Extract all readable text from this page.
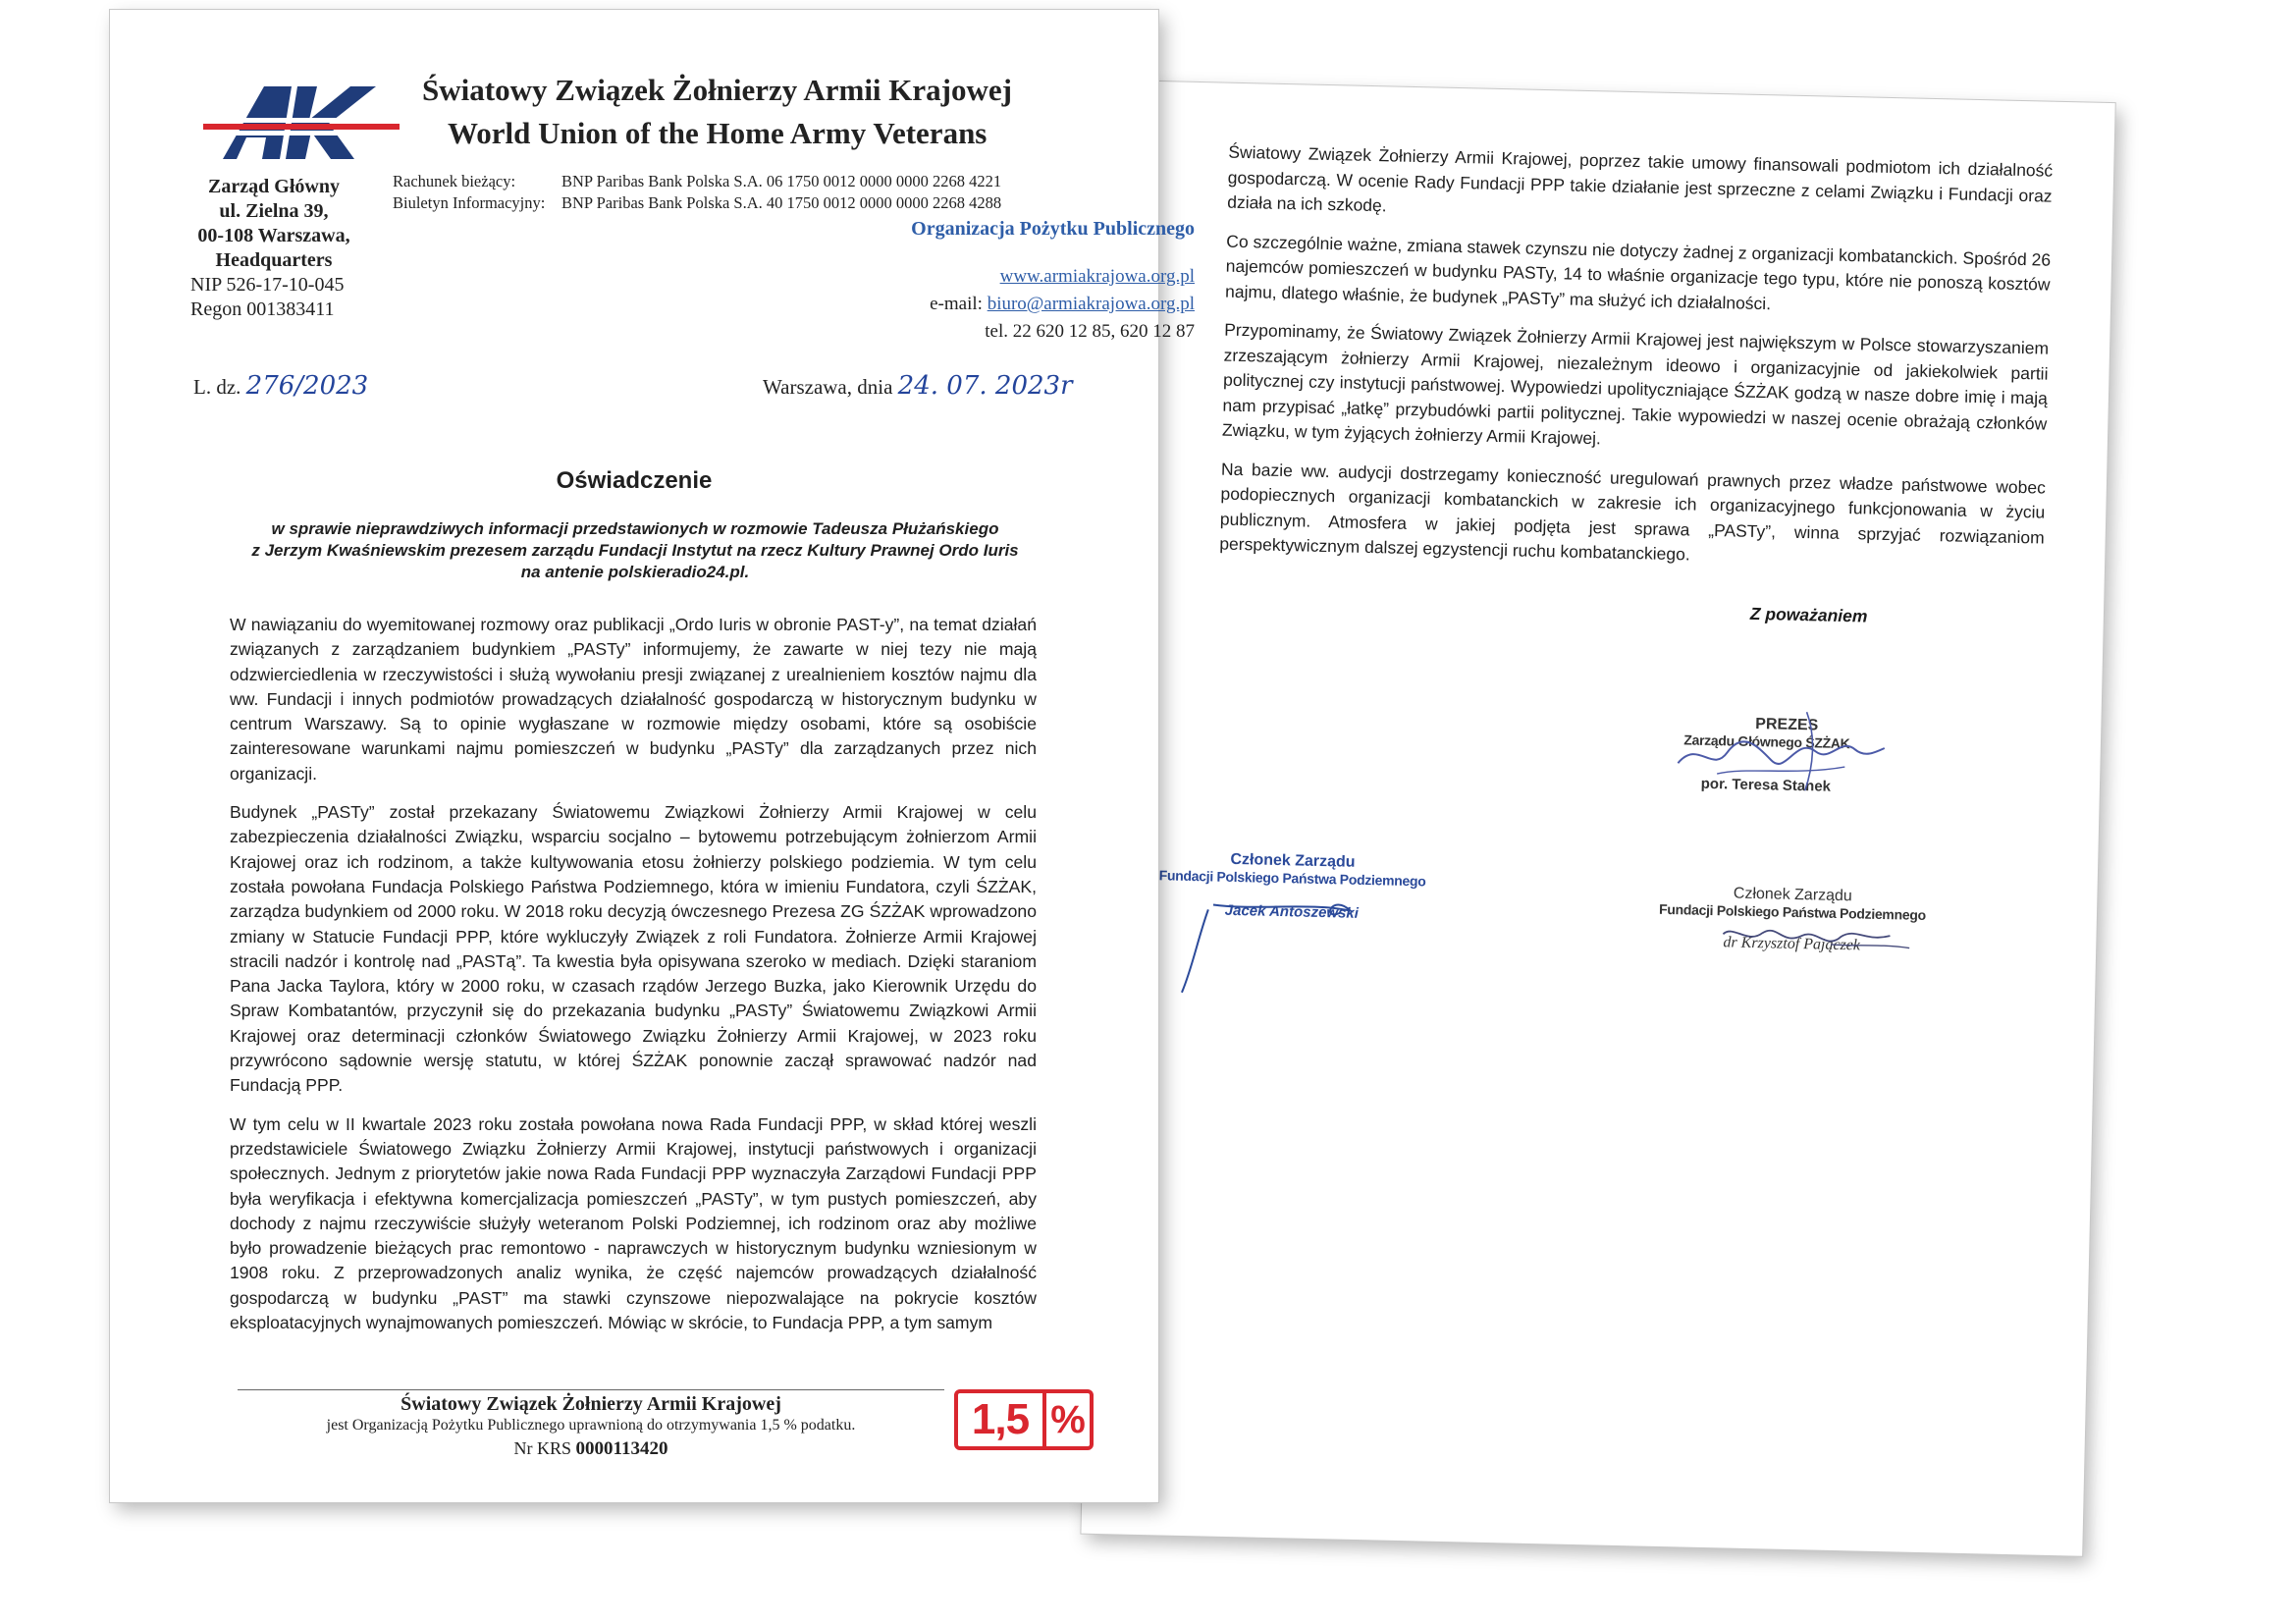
Światowy Związek Żołnierzy Armii Krajowej, poprzez takie umowy finansowali podmiotom ich działalność gospodarczą. W ocenie Rady Fundacji PPP takie działanie jest sprzeczne z celami Związku i Fundacji oraz działa na ich szkodę.

Co szczególnie ważne, zmiana stawek czynszu nie dotyczy żadnej z organizacji kombatanckich. Spośród 26 najemców pomieszczeń w budynku PASTy, 14 to właśnie organizacje tego typu, które nie ponoszą kosztów najmu, dlatego właśnie, że budynek „PASTy” ma służyć ich działalności.

Przypominamy, że Światowy Związek Żołnierzy Armii Krajowej jest największym w Polsce stowarzyszaniem zrzeszającym żołnierzy Armii Krajowej, niezależnym ideowo i organizacyjnie od jakiekolwiek partii politycznej czy instytucji państwowej. Wypowiedzi upolityczniające ŚZŻAK godzą w nasze dobre imię i mają nam przypisać „łatkę” przybudówki partii politycznej. Takie wypowiedzi w naszej ocenie obrażają członków Związku, w tym żyjących żołnierzy Armii Krajowej.

Na bazie ww. audycji dostrzegamy konieczność uregulowań prawnych przez władze państwowe wobec podopiecznych organizacji kombatanckich w zakresie ich organizacyjnego funkcjonowania w życiu publicznym. Atmosfera w jakiej podjęta jest sprawa „PASTy”, winna sprzyjać rozwiązaniom perspektywicznym dalszej egzystencji ruchu kombatanckiego.

Z poważaniem
PREZES
Zarządu Głównego ŚZŻAK
por. Teresa Stanek
Członek Zarządu
Fundacji Polskiego Państwa Podziemnego
Jacek Antoszewski
Członek Zarządu
Fundacji Polskiego Państwa Podziemnego
dr Krzysztof Pajączek
Światowy Związek Żołnierzy Armii Krajowej
World Union of the Home Army Veterans
Zarząd Główny
ul. Zielna 39,
00-108 Warszawa,
Headquarters
NIP 526-17-10-045
Regon 001383411
Rachunek bieżący:	BNP Paribas Bank Polska S.A. 06 1750 0012 0000 0000 2268 4221
Biuletyn Informacyjny:	BNP Paribas Bank Polska S.A. 40 1750 0012 0000 0000 2268 4288
Organizacja Pożytku Publicznego
www.armiakrajowa.org.pl
e-mail: biuro@armiakrajowa.org.pl
tel. 22 620 12 85, 620 12 87
L. dz. 276/2023	Warszawa, dnia 24. 07. 2023r
Oświadczenie
w sprawie nieprawdziwych informacji przedstawionych w rozmowie Tadeusza Płużańskiego
z Jerzym Kwaśniewskim prezesem zarządu Fundacji Instytut na rzecz Kultury Prawnej Ordo Iuris
na antenie polskieradio24.pl.

W nawiązaniu do wyemitowanej rozmowy oraz publikacji „Ordo Iuris w obronie PAST-y”, na temat działań związanych z zarządzaniem budynkiem „PASTy” informujemy, że zawarte w niej tezy nie mają odzwierciedlenia w rzeczywistości i służą wywołaniu presji związanej z urealnieniem kosztów najmu dla ww. Fundacji i innych podmiotów prowadzących działalność gospodarczą w historycznym budynku w centrum Warszawy. Są to opinie wygłaszane w rozmowie między osobami, które są osobiście zainteresowane warunkami najmu pomieszczeń w budynku „PASTy” dla zarządzanych przez nich organizacji.

Budynek „PASTy” został przekazany Światowemu Związkowi Żołnierzy Armii Krajowej w celu zabezpieczenia działalności Związku, wsparciu socjalno – bytowemu potrzebującym żołnierzom Armii Krajowej oraz ich rodzinom, a także kultywowania etosu żołnierzy polskiego podziemia. W tym celu została powołana Fundacja Polskiego Państwa Podziemnego, która w imieniu Fundatora, czyli ŚZŻAK, zarządza budynkiem od 2000 roku. W 2018 roku decyzją ówczesnego Prezesa ZG ŚZŻAK wprowadzono zmiany w Statucie Fundacji PPP, które wykluczyły Związek z roli Fundatora. Żołnierze Armii Krajowej stracili nadzór i kontrolę nad „PASTą”. Ta kwestia była opisywana szeroko w mediach. Dzięki staraniom Pana Jacka Taylora, który w 2000 roku, w czasach rządów Jerzego Buzka, jako Kierownik Urzędu do Spraw Kombatantów, przyczynił się do przekazania budynku „PASTy” Światowemu Związkowi Armii Krajowej oraz determinacji członków Światowego Związku Żołnierzy Armii Krajowej, w 2023 roku przywrócono sądownie wersję statutu, w której ŚZŻAK ponownie zaczął sprawować nadzór nad Fundacją PPP.

W tym celu w II kwartale 2023 roku została powołana nowa Rada Fundacji PPP, w skład której weszli przedstawiciele Światowego Związku Żołnierzy Armii Krajowej, instytucji państwowych i organizacji społecznych. Jednym z priorytetów jakie nowa Rada Fundacji PPP wyznaczyła Zarządowi Fundacji PPP była weryfikacja i efektywna komercjalizacja pomieszczeń „PASTy”, w tym pustych pomieszczeń, aby dochody z najmu rzeczywiście służyły weteranom Polski Podziemnej, ich rodzinom oraz aby możliwe było prowadzenie bieżących prac remontowo - naprawczych w historycznym budynku wzniesionym w 1908 roku. Z przeprowadzonych analiz wynika, że część najemców prowadzących działalność gospodarczą w budynku „PAST” ma stawki czynszowe niepozwalające na pokrycie kosztów eksploatacyjnych wynajmowanych pomieszczeń. Mówiąc w skrócie, to Fundacja PPP, a tym samym

Światowy Związek Żołnierzy Armii Krajowej
jest Organizacją Pożytku Publicznego uprawnioną do otrzymywania 1,5 % podatku.
Nr KRS 0000113420
1,5 %
